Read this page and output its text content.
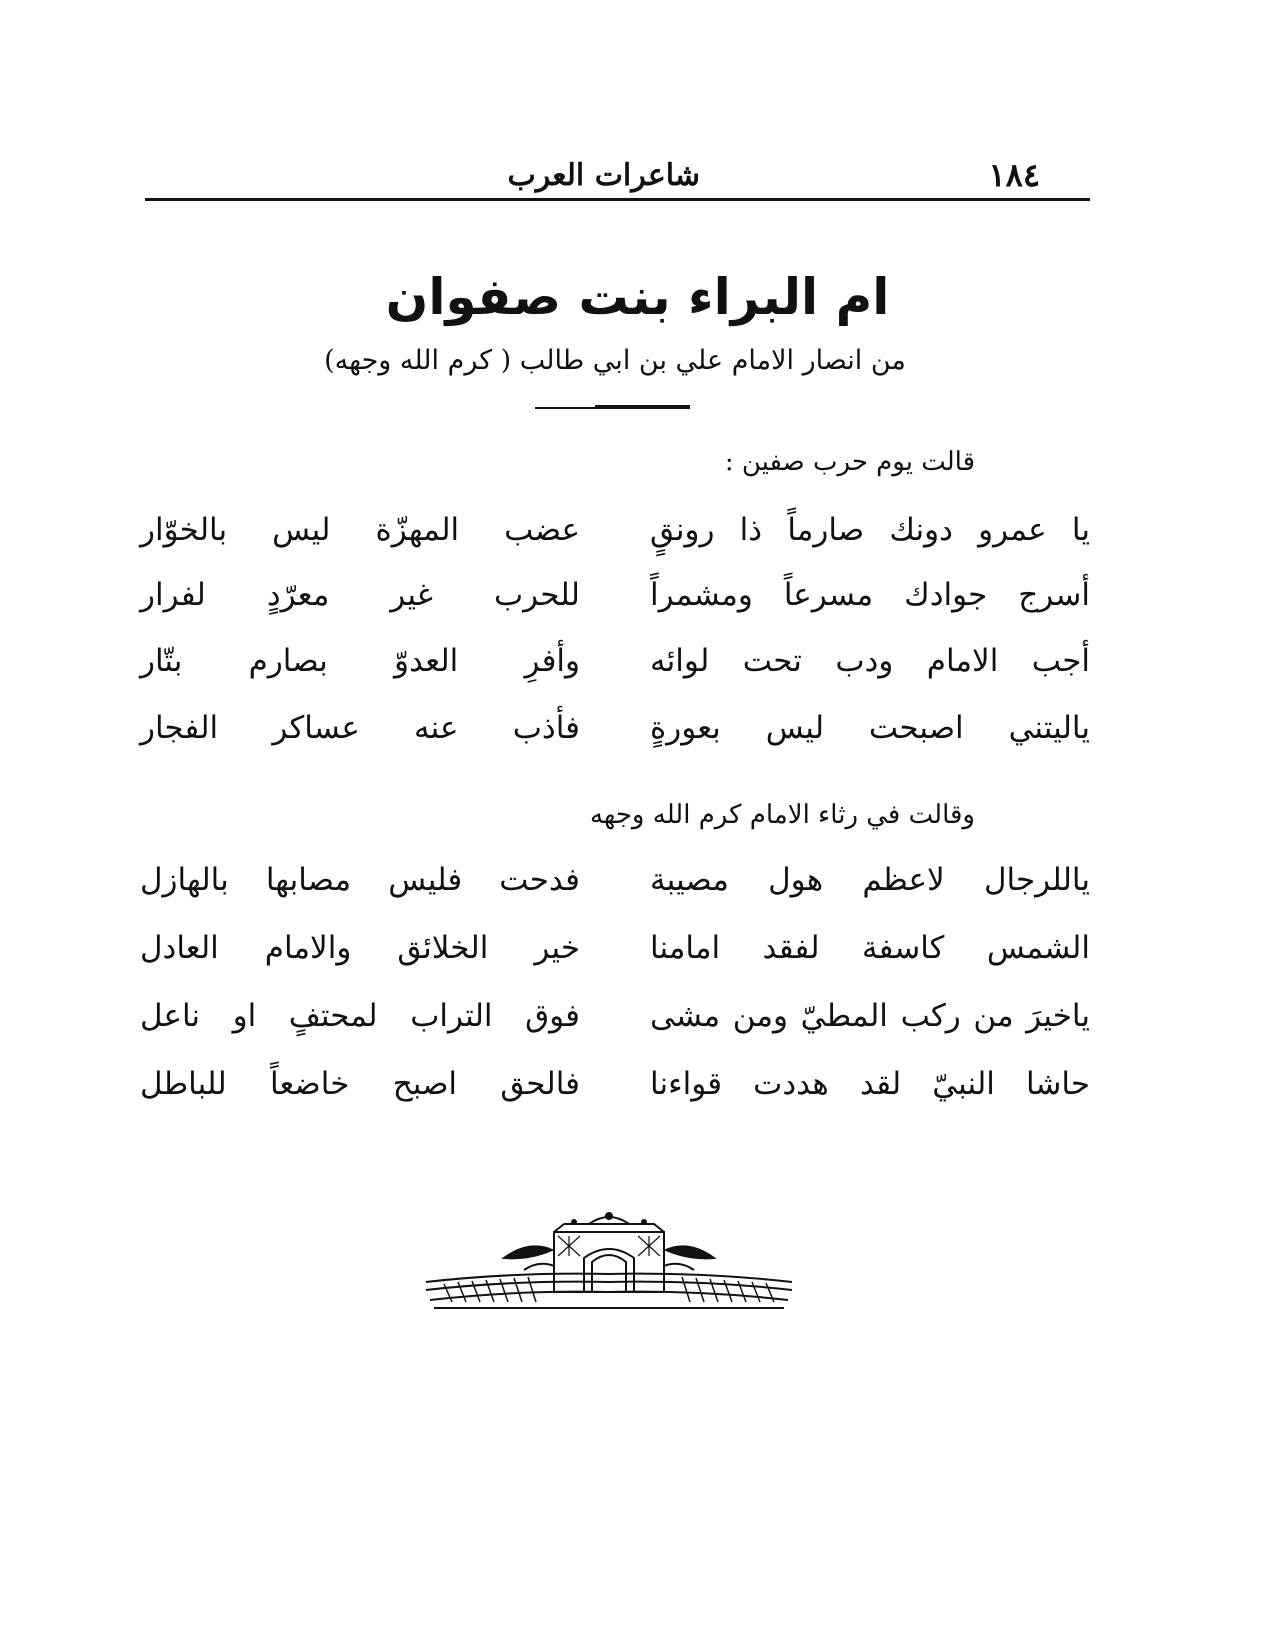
١٨٤
شاعرات العرب
ام البراء بنت صفوان
من انصار الامام علي بن ابي طالب ( كرم الله وجهه)
قالت يوم حرب صفين :
يا عمرو دونك صارماً ذا رونقٍ
عضب المهزّة ليس بالخوّار
أسرج جوادك مسرعاً ومشمراً
للحرب غير معرّدٍ لفرار
أجب الامام ودب تحت لوائه
وأفرِ العدوّ بصارم بتّار
ياليتني اصبحت ليس بعورةٍ
فأذب عنه عساكر الفجار
وقالت في رثاء الامام كرم الله وجهه
ياللرجال لاعظم هول مصيبة
فدحت فليس مصابها بالهازل
الشمس كاسفة لفقد امامنا
خير الخلائق والامام العادل
ياخيرَ من ركب المطيّ ومن مشى
فوق التراب لمحتفٍ او ناعل
حاشا النبيّ لقد هددت قواءنا
فالحق اصبح خاضعاً للباطل
